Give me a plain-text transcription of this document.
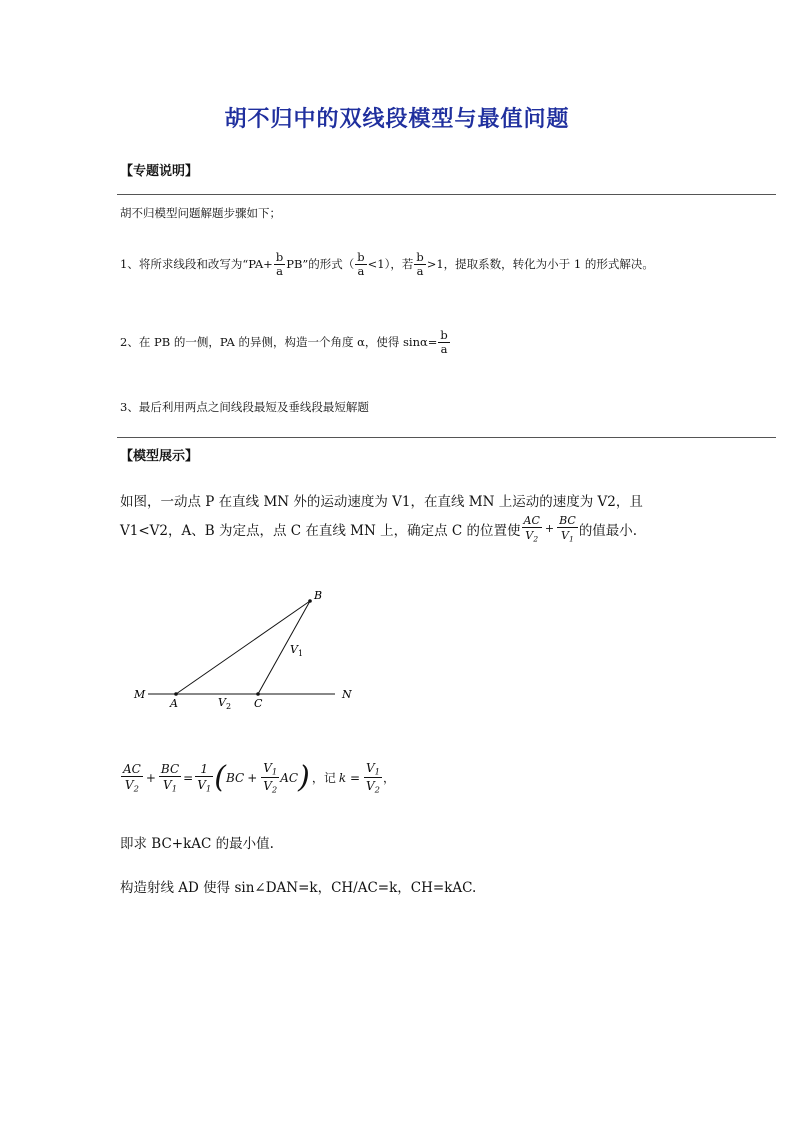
胡不归中的双线段模型与最值问题
【专题说明】
胡不归模型问题解题步骤如下；
1、将所求线段和改写为“$PA+ \frac{b}{a}$ PB”的形式（ $\frac{b}{a} <1$），若 $\frac{b}{a} >1$，提取系数，转化为小于 1 的形式解决。
2、在 PB 的一侧，PA 的异侧，构造一个角度 α，使得 $\sin\alpha= \frac{b}{a}$
3、最后利用两点之间线段最短及垂线段最短解题
【模型展示】
如图，一动点 P 在直线 MN 外的运动速度为 V1，在直线 MN 上运动的速度为 V2，且
V1<V2，A、B 为定点，点 C 在直线 MN 上，确定点 C 的位置使 $\frac{AC}{V_2} + \frac{BC}{V_1}$ 的值最小.
B
M	N
A	C
V 1
V 2
$\frac{AC}{V_2} + \frac{BC}{V_1} = \frac{1}{V_1}$ ( BC + $\frac{V_1}{V_2}$ AC ) ，记 $k = \frac{V_1}{V_2}$ ，
即求 BC+kAC 的最小值.
构造射线 AD 使得 sin∠DAN=k，CH/AC=k，CH=kAC.
